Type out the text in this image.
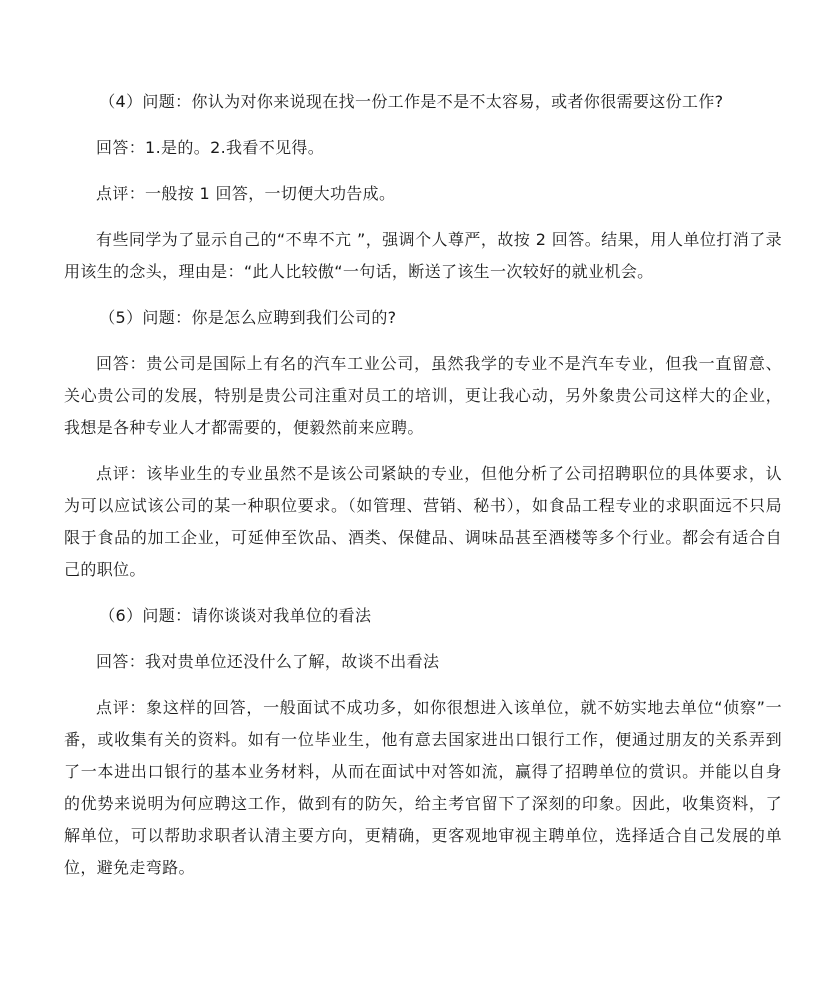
（4）问题：你认为对你来说现在找一份工作是不是不太容易，或者你很需要这份工作?

回答：1.是的。2.我看不见得。

点评：一般按 1 回答，一切便大功告成。

有些同学为了显示自己的“不卑不亢 ”，强调个人尊严，故按 2 回答。结果，用人单位打消了录用该生的念头，理由是：“此人比较傲“一句话，断送了该生一次较好的就业机会。

（5）问题：你是怎么应聘到我们公司的?

回答：贵公司是国际上有名的汽车工业公司，虽然我学的专业不是汽车专业，但我一直留意、关心贵公司的发展，特别是贵公司注重对员工的培训，更让我心动，另外象贵公司这样大的企业，我想是各种专业人才都需要的，便毅然前来应聘。

点评：该毕业生的专业虽然不是该公司紧缺的专业，但他分析了公司招聘职位的具体要求，认为可以应试该公司的某一种职位要求。（如管理、营销、秘书），如食品工程专业的求职面远不只局限于食品的加工企业，可延伸至饮品、酒类、保健品、调味品甚至酒楼等多个行业。都会有适合自己的职位。

（6）问题：请你谈谈对我单位的看法

回答：我对贵单位还没什么了解，故谈不出看法

点评：象这样的回答，一般面试不成功多，如你很想进入该单位，就不妨实地去单位“侦察”一番，或收集有关的资料。如有一位毕业生，他有意去国家进出口银行工作，便通过朋友的关系弄到了一本进出口银行的基本业务材料，从而在面试中对答如流，赢得了招聘单位的赏识。并能以自身的优势来说明为何应聘这工作，做到有的防矢，给主考官留下了深刻的印象。因此，收集资料，了解单位，可以帮助求职者认清主要方向，更精确，更客观地审视主聘单位，选择适合自己发展的单位，避免走弯路。
